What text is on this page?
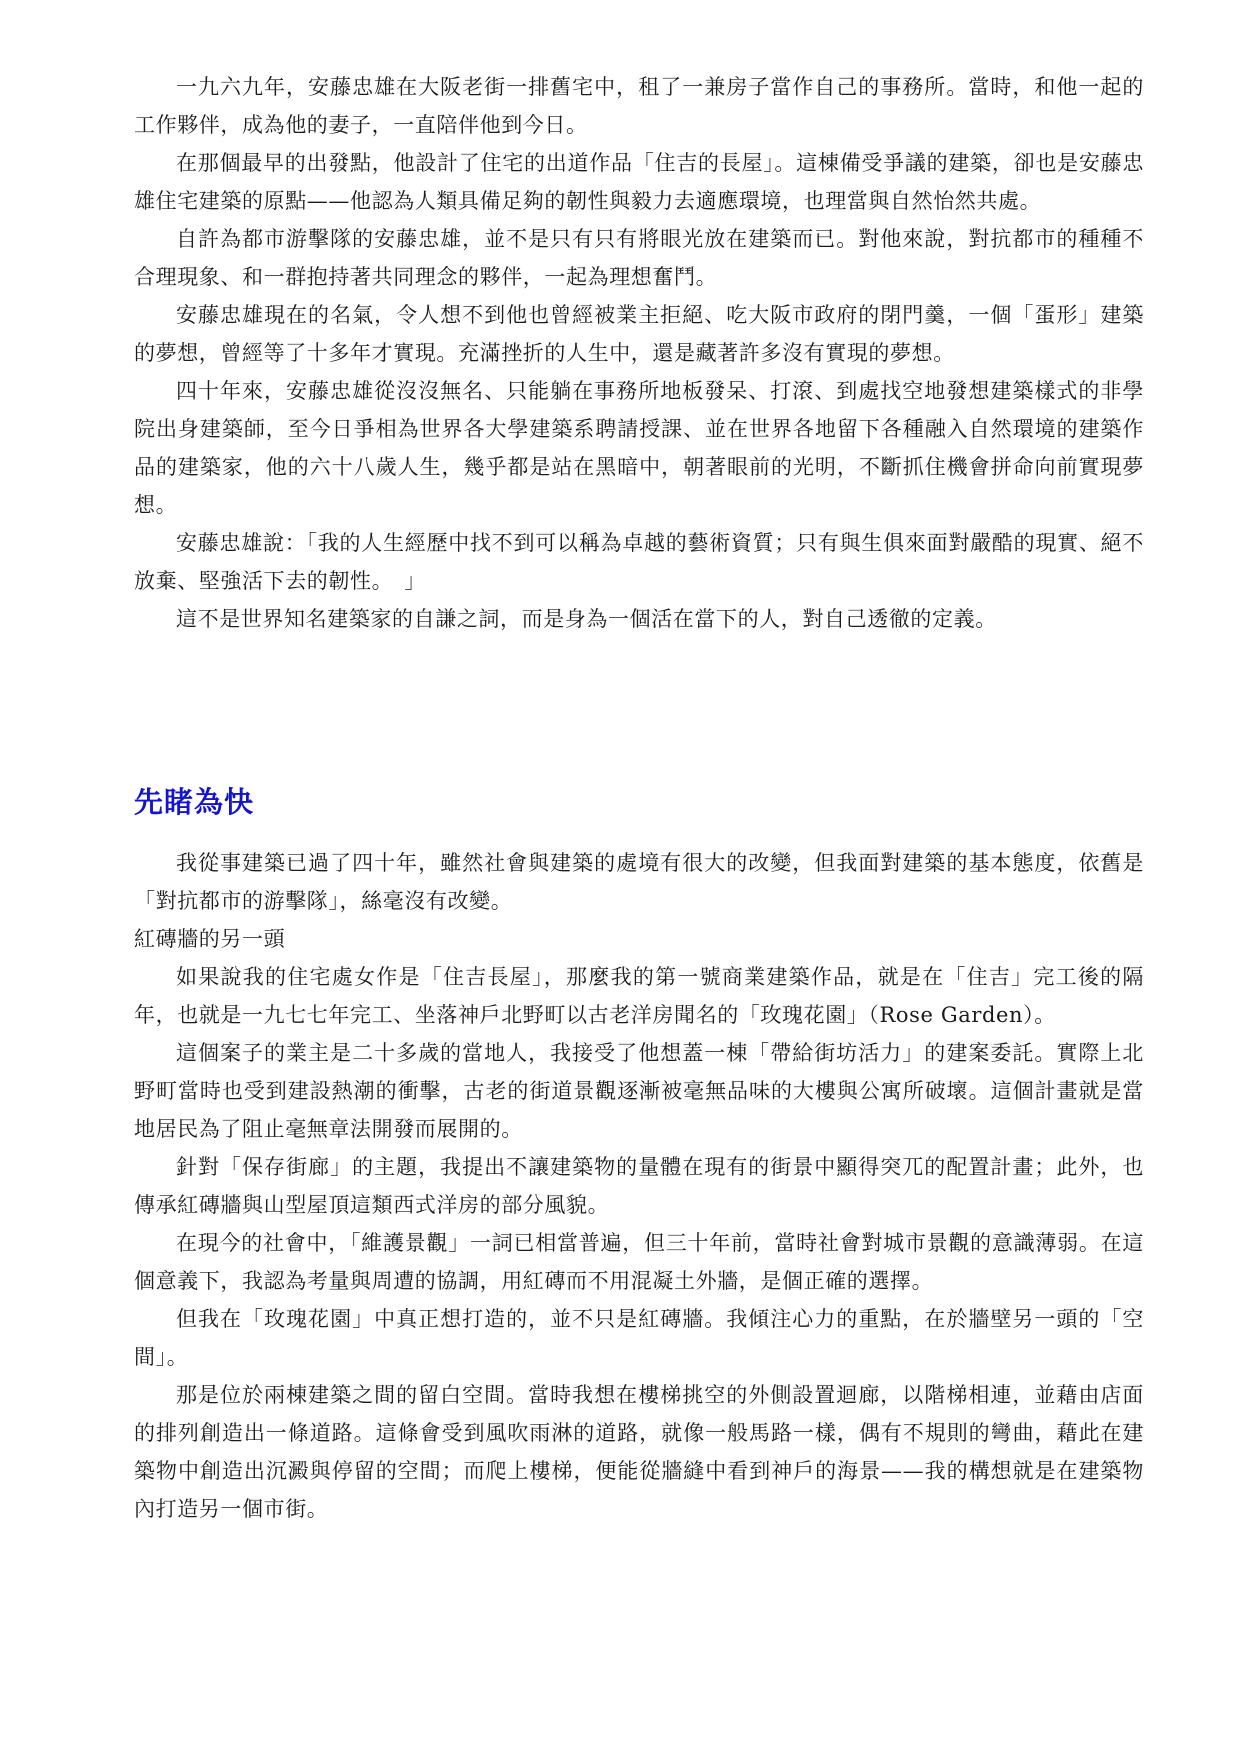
一九六九年，安藤忠雄在大阪老街一排舊宅中，租了一兼房子當作自己的事務所。當時，和他一起的工作夥伴，成為他的妻子，一直陪伴他到今日。

在那個最早的出發點，他設計了住宅的出道作品「住吉的長屋」。這棟備受爭議的建築，卻也是安藤忠雄住宅建築的原點——他認為人類具備足夠的韌性與毅力去適應環境，也理當與自然怡然共處。

自許為都市游擊隊的安藤忠雄，並不是只有只有將眼光放在建築而已。對他來說，對抗都市的種種不合理現象、和一群抱持著共同理念的夥伴，一起為理想奮鬥。

安藤忠雄現在的名氣，令人想不到他也曾經被業主拒絕、吃大阪市政府的閉門羹，一個「蛋形」建築的夢想，曾經等了十多年才實現。充滿挫折的人生中，還是藏著許多沒有實現的夢想。

四十年來，安藤忠雄從沒沒無名、只能躺在事務所地板發呆、打滾、到處找空地發想建築樣式的非學院出身建築師，至今日爭相為世界各大學建築系聘請授課、並在世界各地留下各種融入自然環境的建築作品的建築家，他的六十八歲人生，幾乎都是站在黑暗中，朝著眼前的光明，不斷抓住機會拼命向前實現夢想。

安藤忠雄說：「我的人生經歷中找不到可以稱為卓越的藝術資質；只有與生俱來面對嚴酷的現實、絕不放棄、堅強活下去的韌性。　」

這不是世界知名建築家的自謙之詞，而是身為一個活在當下的人，對自己透徹的定義。

先睹為快

我從事建築已過了四十年，雖然社會與建築的處境有很大的改變，但我面對建築的基本態度，依舊是「對抗都市的游擊隊」，絲毫沒有改變。

紅磚牆的另一頭

如果說我的住宅處女作是「住吉長屋」，那麼我的第一號商業建築作品，就是在「住吉」完工後的隔年，也就是一九七七年完工、坐落神戶北野町以古老洋房聞名的「玫瑰花園」（Rose Garden）。

這個案子的業主是二十多歲的當地人，我接受了他想蓋一棟「帶給街坊活力」的建案委託。實際上北野町當時也受到建設熱潮的衝擊，古老的街道景觀逐漸被毫無品味的大樓與公寓所破壞。這個計畫就是當地居民為了阻止毫無章法開發而展開的。

針對「保存街廊」的主題，我提出不讓建築物的量體在現有的街景中顯得突兀的配置計畫；此外，也傳承紅磚牆與山型屋頂這類西式洋房的部分風貌。

在現今的社會中，「維護景觀」一詞已相當普遍，但三十年前，當時社會對城市景觀的意識薄弱。在這個意義下，我認為考量與周遭的協調，用紅磚而不用混凝土外牆，是個正確的選擇。

但我在「玫瑰花園」中真正想打造的，並不只是紅磚牆。我傾注心力的重點，在於牆壁另一頭的「空間」。

那是位於兩棟建築之間的留白空間。當時我想在樓梯挑空的外側設置迴廊，以階梯相連，並藉由店面的排列創造出一條道路。這條會受到風吹雨淋的道路，就像一般馬路一樣，偶有不規則的彎曲，藉此在建築物中創造出沉澱與停留的空間；而爬上樓梯，便能從牆縫中看到神戶的海景——我的構想就是在建築物內打造另一個市街。
